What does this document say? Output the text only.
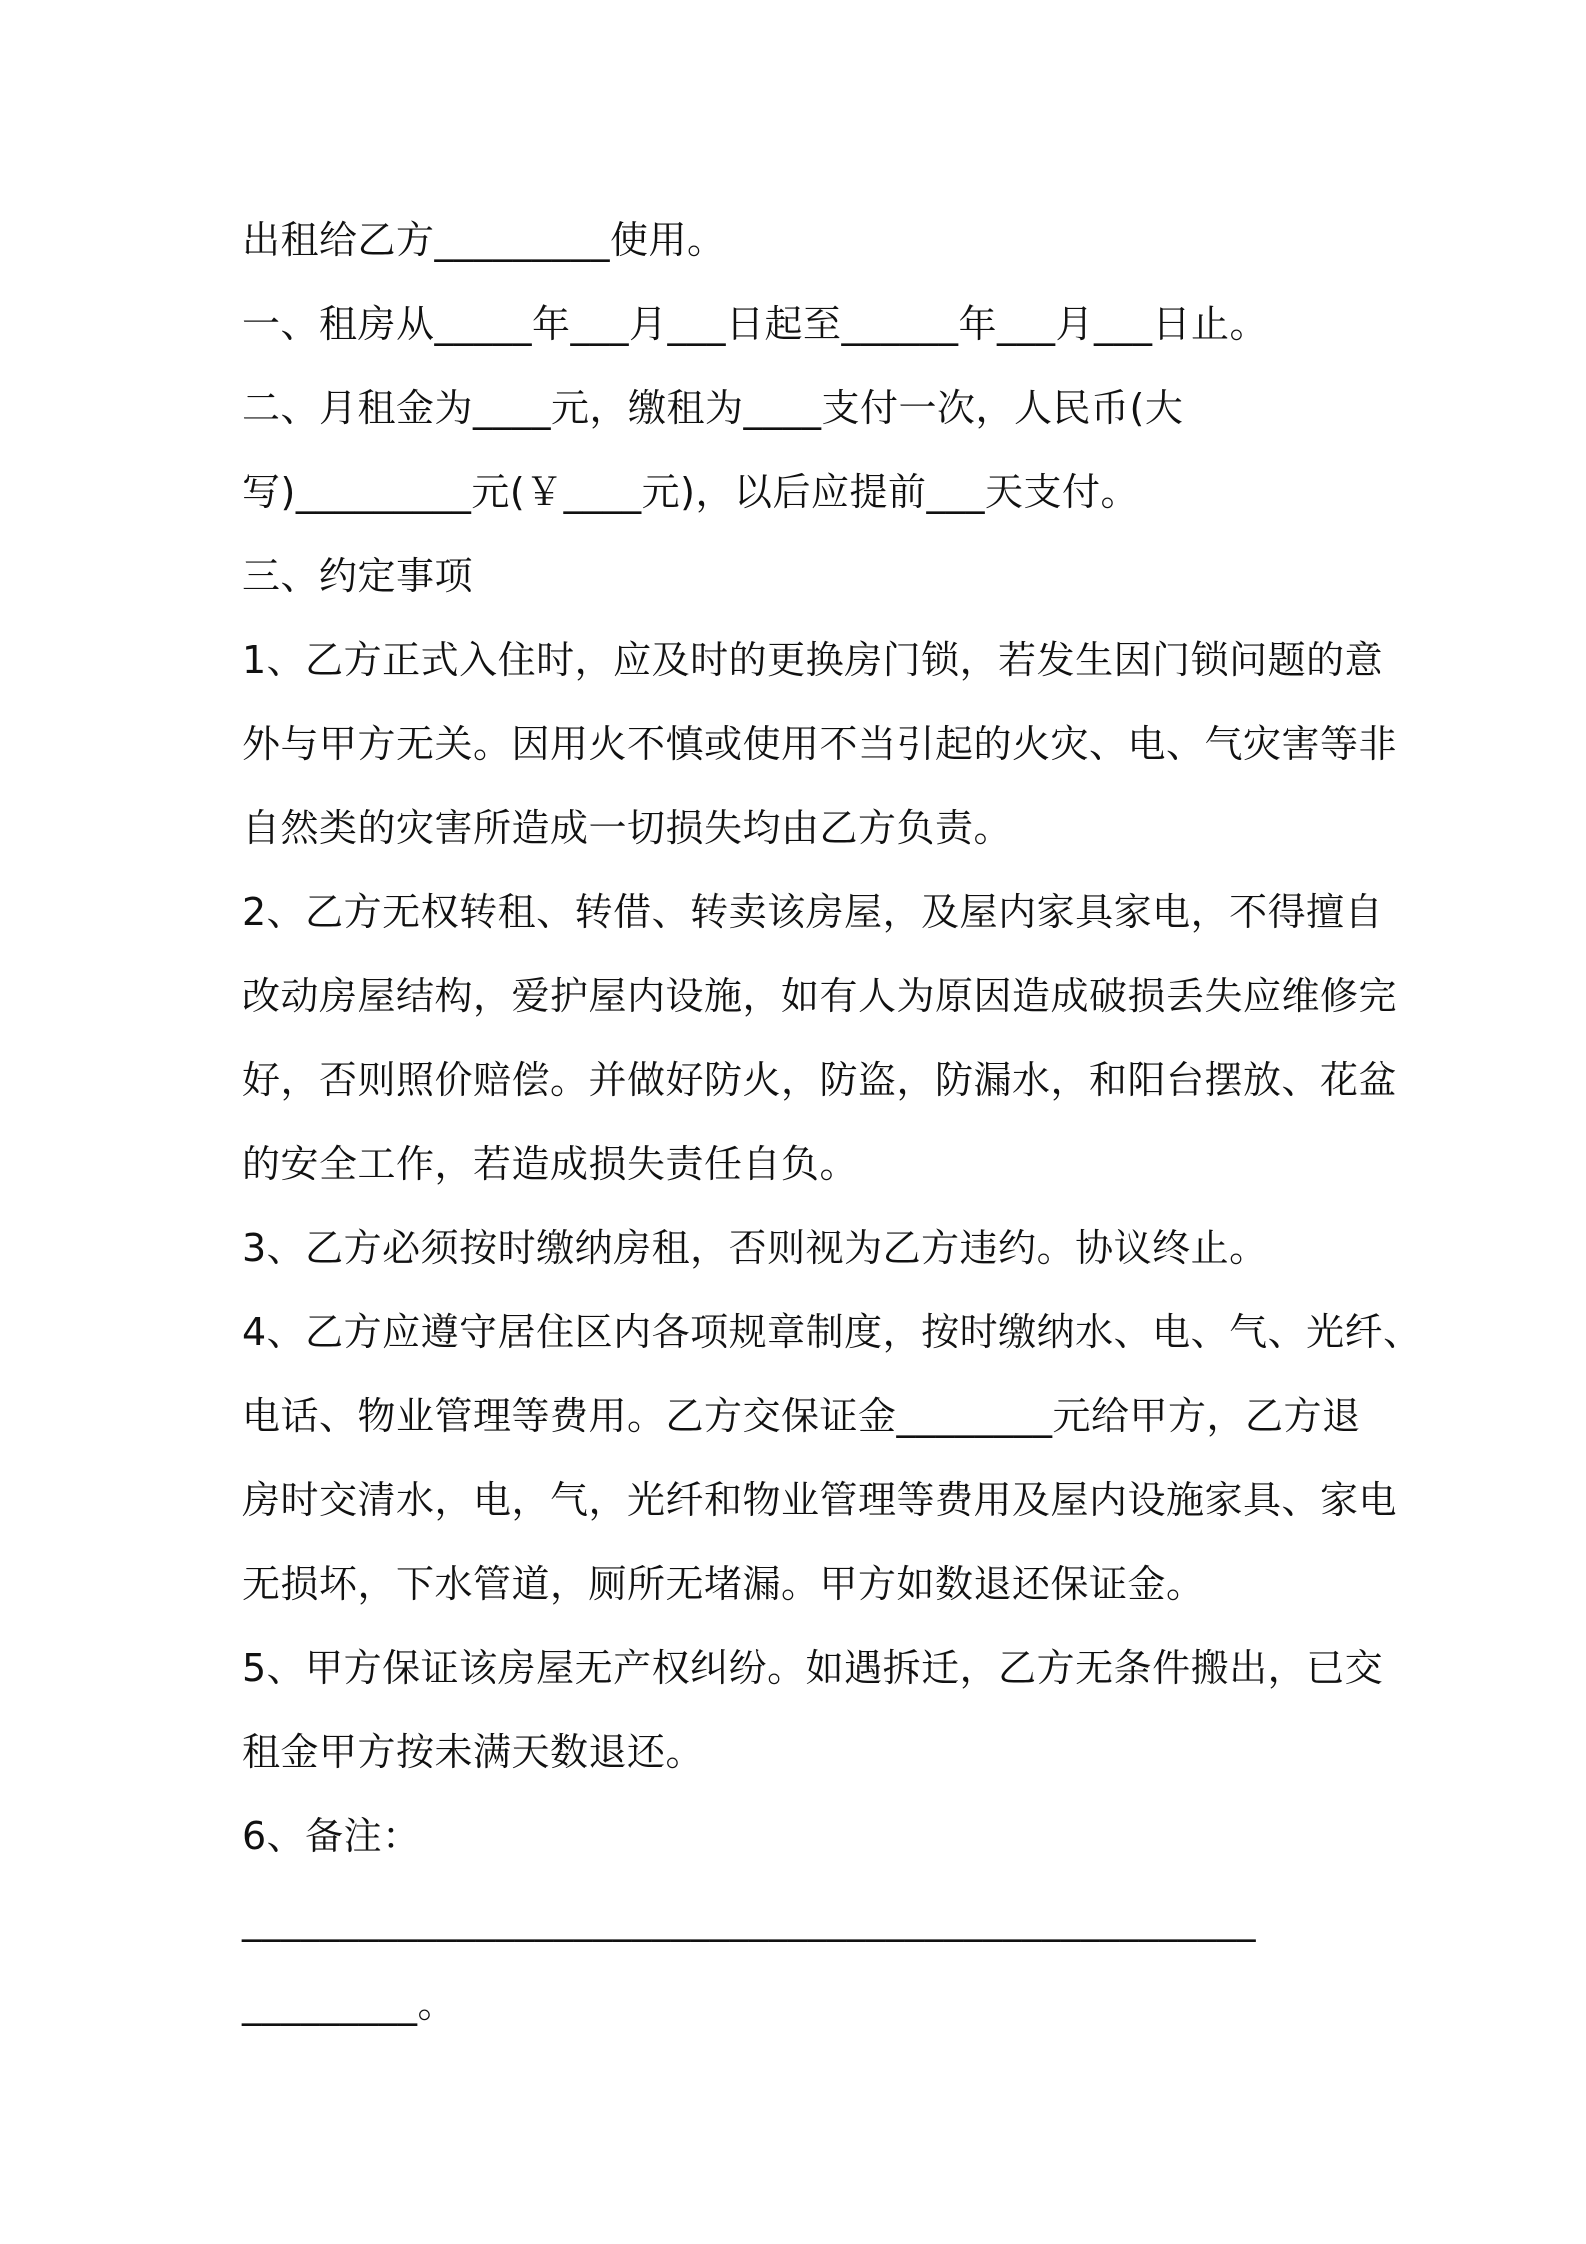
出租给乙方_________使用。
一、租房从_____年___月___日起至______年___月___日止。
二、月租金为____元，缴租为____支付一次，人民币(大
写)_________元(￥____元)，以后应提前___天支付。
三、约定事项
1、乙方正式入住时，应及时的更换房门锁，若发生因门锁问题的意
外与甲方无关。因用火不慎或使用不当引起的火灾、电、气灾害等非
自然类的灾害所造成一切损失均由乙方负责。
2、乙方无权转租、转借、转卖该房屋，及屋内家具家电，不得擅自
改动房屋结构，爱护屋内设施，如有人为原因造成破损丢失应维修完
好，否则照价赔偿。并做好防火，防盗，防漏水，和阳台摆放、花盆
的安全工作，若造成损失责任自负。
3、乙方必须按时缴纳房租，否则视为乙方违约。协议终止。
4、乙方应遵守居住区内各项规章制度，按时缴纳水、电、气、光纤、
电话、物业管理等费用。乙方交保证金________元给甲方，乙方退
房时交清水，电，气，光纤和物业管理等费用及屋内设施家具、家电
无损坏，下水管道，厕所无堵漏。甲方如数退还保证金。
5、甲方保证该房屋无产权纠纷。如遇拆迁，乙方无条件搬出，已交
租金甲方按未满天数退还。
6、备注：
____________________________________________________
_________。
